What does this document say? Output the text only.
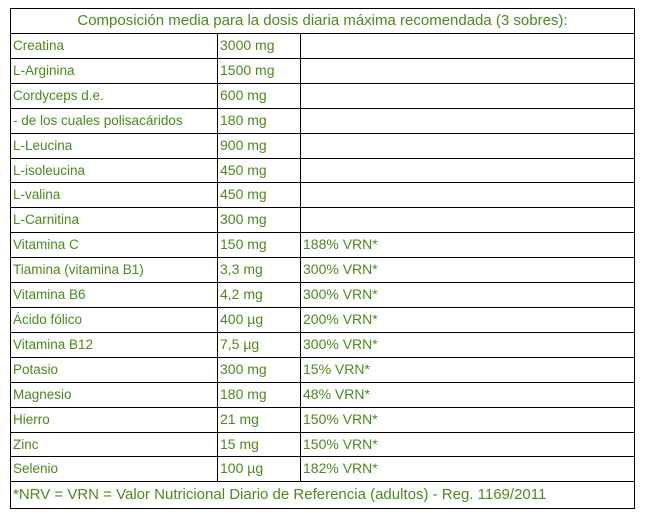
Composición media para la dosis diaria máxima recomendada (3 sobres):		
Creatina	3000 mg	
L-Arginina	1500 mg	
Cordyceps d.e.	600 mg	
- de los cuales polisacáridos	180 mg	
L-Leucina	900 mg	
L-isoleucina	450 mg	
L-valina	450 mg	
L-Carnitina	300 mg	
Vitamina C	150 mg	188% VRN*
Tiamina (vitamina B1)	3,3 mg	300% VRN*
Vitamina B6	4,2 mg	300% VRN*
Ácido fólico	400 µg	200% VRN*
Vitamina B12	7,5 µg	300% VRN*
Potasio	300 mg	15% VRN*
Magnesio	180 mg	48% VRN*
Hierro	21 mg	150% VRN*
Zinc	15 mg	150% VRN*
Selenio	100 µg	182% VRN*
*NRV = VRN = Valor Nutricional Diario de Referencia (adultos) - Reg. 1169/2011		
